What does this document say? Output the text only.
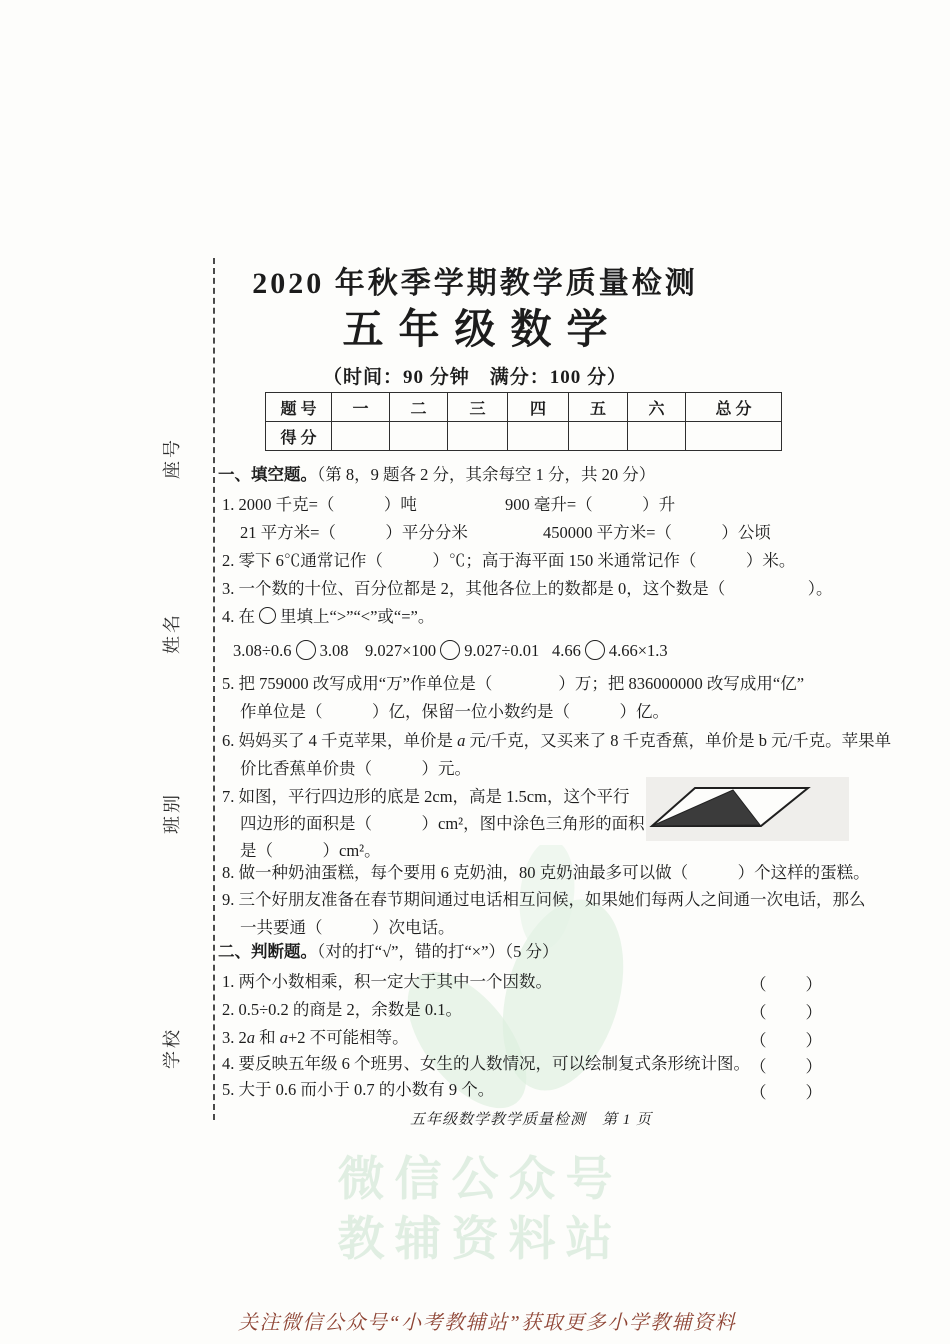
微信公众号
教辅资料站
座号
姓名
班别
学校
2020 年秋季学期教学质量检测
五年级数学
（时间：90 分钟　满分：100 分）
题 号	一	二	三	四	五	六	总 分
得 分							
一、填空题。（第 8，9 题各 2 分，其余每空 1 分，共 20 分）
1. 2000 千克=（　　　）吨	900 毫升=（　　　）升
21 平方米=（　　　）平分分米	450000 平方米=（　　　）公顷
2. 零下 6℃通常记作（　　　）℃；高于海平面 150 米通常记作（　　　）米。
3. 一个数的十位、百分位都是 2，其他各位上的数都是 0，这个数是（　　　　　）。
4. 在 里填上“>”“<”或“=”。
3.08÷0.6 3.08 9.027×100 9.027÷0.01 4.66 4.66×1.3
5. 把 759000 改写成用“万”作单位是（　　　　）万；把 836000000 改写成用“亿”
作单位是（　　　）亿，保留一位小数约是（　　　）亿。
6. 妈妈买了 4 千克苹果，单价是 a 元/千克，又买来了 8 千克香蕉，单价是 b 元/千克。苹果单
价比香蕉单价贵（　　　）元。
7. 如图，平行四边形的底是 2cm，高是 1.5cm，这个平行
四边形的面积是（　　　）cm²，图中涂色三角形的面积
是（　　　）cm²。
8. 做一种奶油蛋糕，每个要用 6 克奶油，80 克奶油最多可以做（　　　）个这样的蛋糕。
9. 三个好朋友准备在春节期间通过电话相互问候，如果她们每两人之间通一次电话，那么
一共要通（　　　）次电话。
二、判断题。（对的打“√”，错的打“×”）（5 分）
1. 两个小数相乘，积一定大于其中一个因数。	（　　）
2. 0.5÷0.2 的商是 2，余数是 0.1。	（　　）
3. 2a 和 a+2 不可能相等。	（　　）
4. 要反映五年级 6 个班男、女生的人数情况，可以绘制复式条形统计图。 （　　）
5. 大于 0.6 而小于 0.7 的小数有 9 个。	（　　）
五年级数学教学质量检测　第 1 页
关注微信公众号“小考教辅站”获取更多小学教辅资料
